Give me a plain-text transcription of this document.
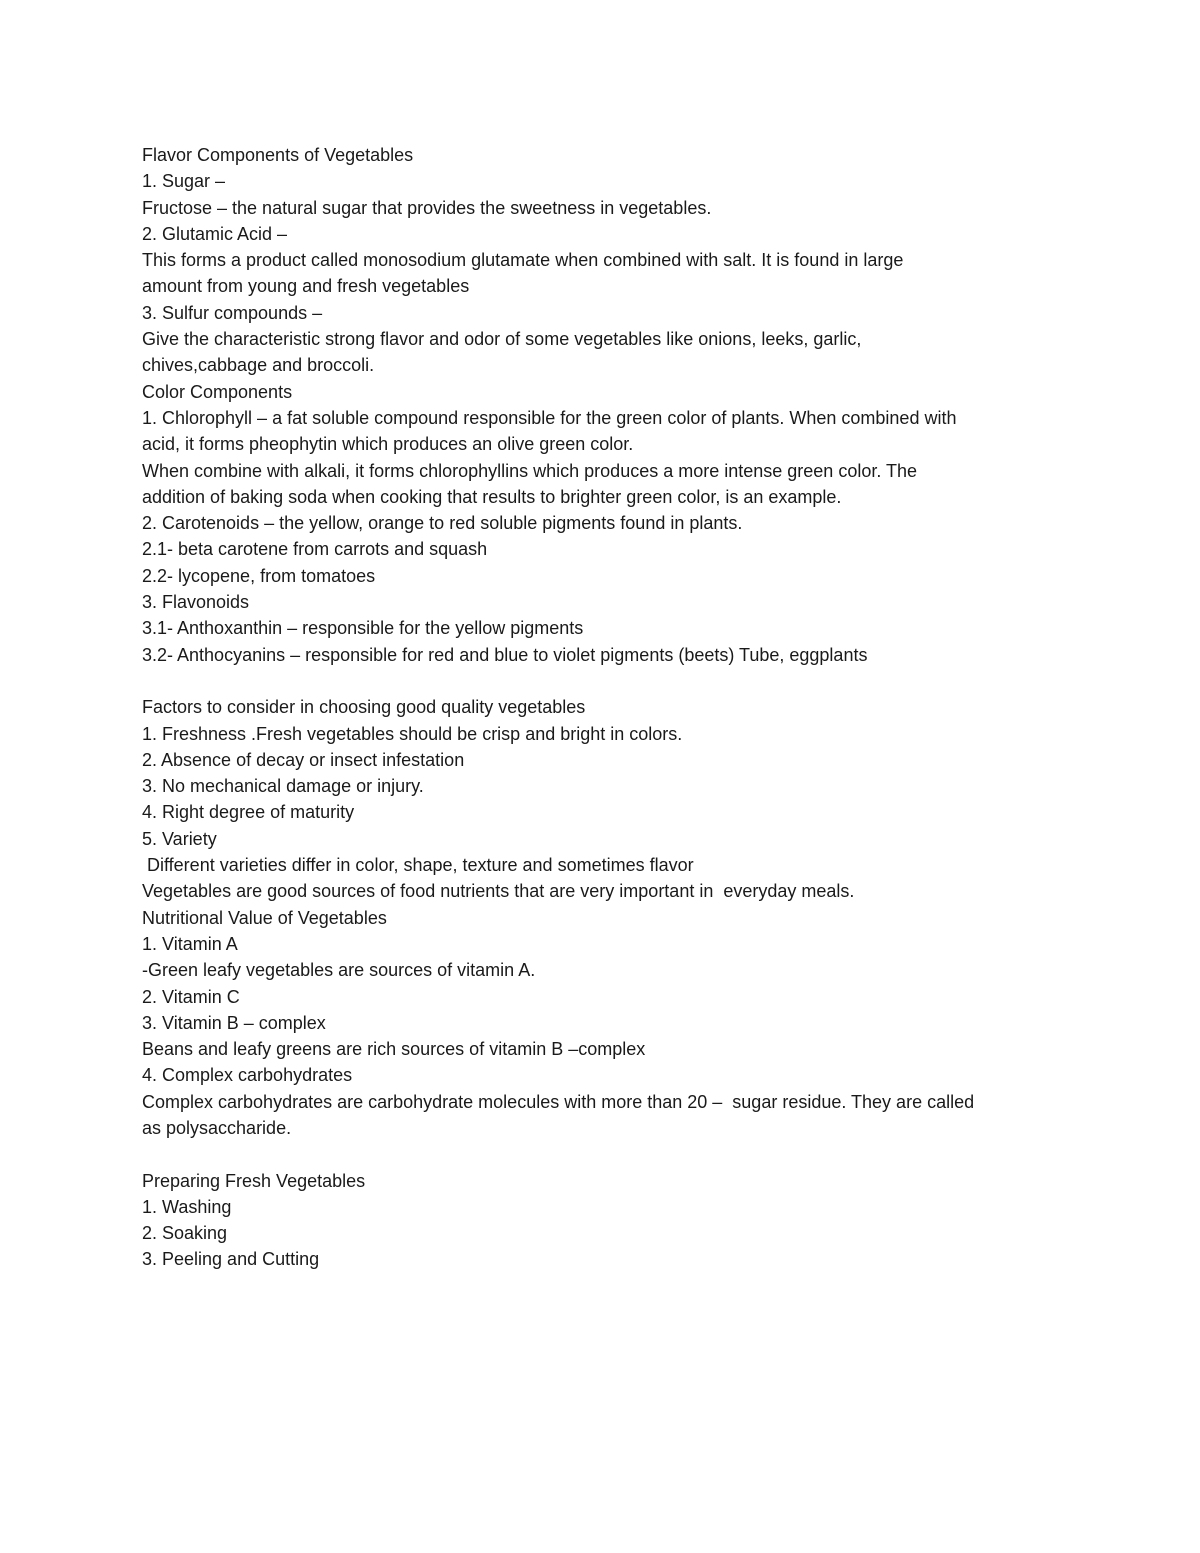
Flavor Components of Vegetables
1. Sugar –
Fructose – the natural sugar that provides the sweetness in vegetables.
2. Glutamic Acid –
This forms a product called monosodium glutamate when combined with salt. It is found in large
amount from young and fresh vegetables
3. Sulfur compounds –
Give the characteristic strong flavor and odor of some vegetables like onions, leeks, garlic,
chives,cabbage and broccoli.
Color Components
1. Chlorophyll – a fat soluble compound responsible for the green color of plants. When combined with
acid, it forms pheophytin which produces an olive green color.
When combine with alkali, it forms chlorophyllins which produces a more intense green color. The
addition of baking soda when cooking that results to brighter green color, is an example.
2. Carotenoids – the yellow, orange to red soluble pigments found in plants.
2.1- beta carotene from carrots and squash
2.2- lycopene, from tomatoes
3. Flavonoids
3.1- Anthoxanthin – responsible for the yellow pigments
3.2- Anthocyanins – responsible for red and blue to violet pigments (beets) Tube, eggplants
Factors to consider in choosing good quality vegetables
1. Freshness .Fresh vegetables should be crisp and bright in colors.
2. Absence of decay or insect infestation
3. No mechanical damage or injury.
4. Right degree of maturity
5. Variety
Different varieties differ in color, shape, texture and sometimes flavor
Vegetables are good sources of food nutrients that are very important in  everyday meals.
Nutritional Value of Vegetables
1. Vitamin A
-Green leafy vegetables are sources of vitamin A.
2. Vitamin C
3. Vitamin B – complex
Beans and leafy greens are rich sources of vitamin B –complex
4. Complex carbohydrates
Complex carbohydrates are carbohydrate molecules with more than 20 –  sugar residue. They are called
as polysaccharide.
Preparing Fresh Vegetables
1. Washing
2. Soaking
3. Peeling and Cutting
